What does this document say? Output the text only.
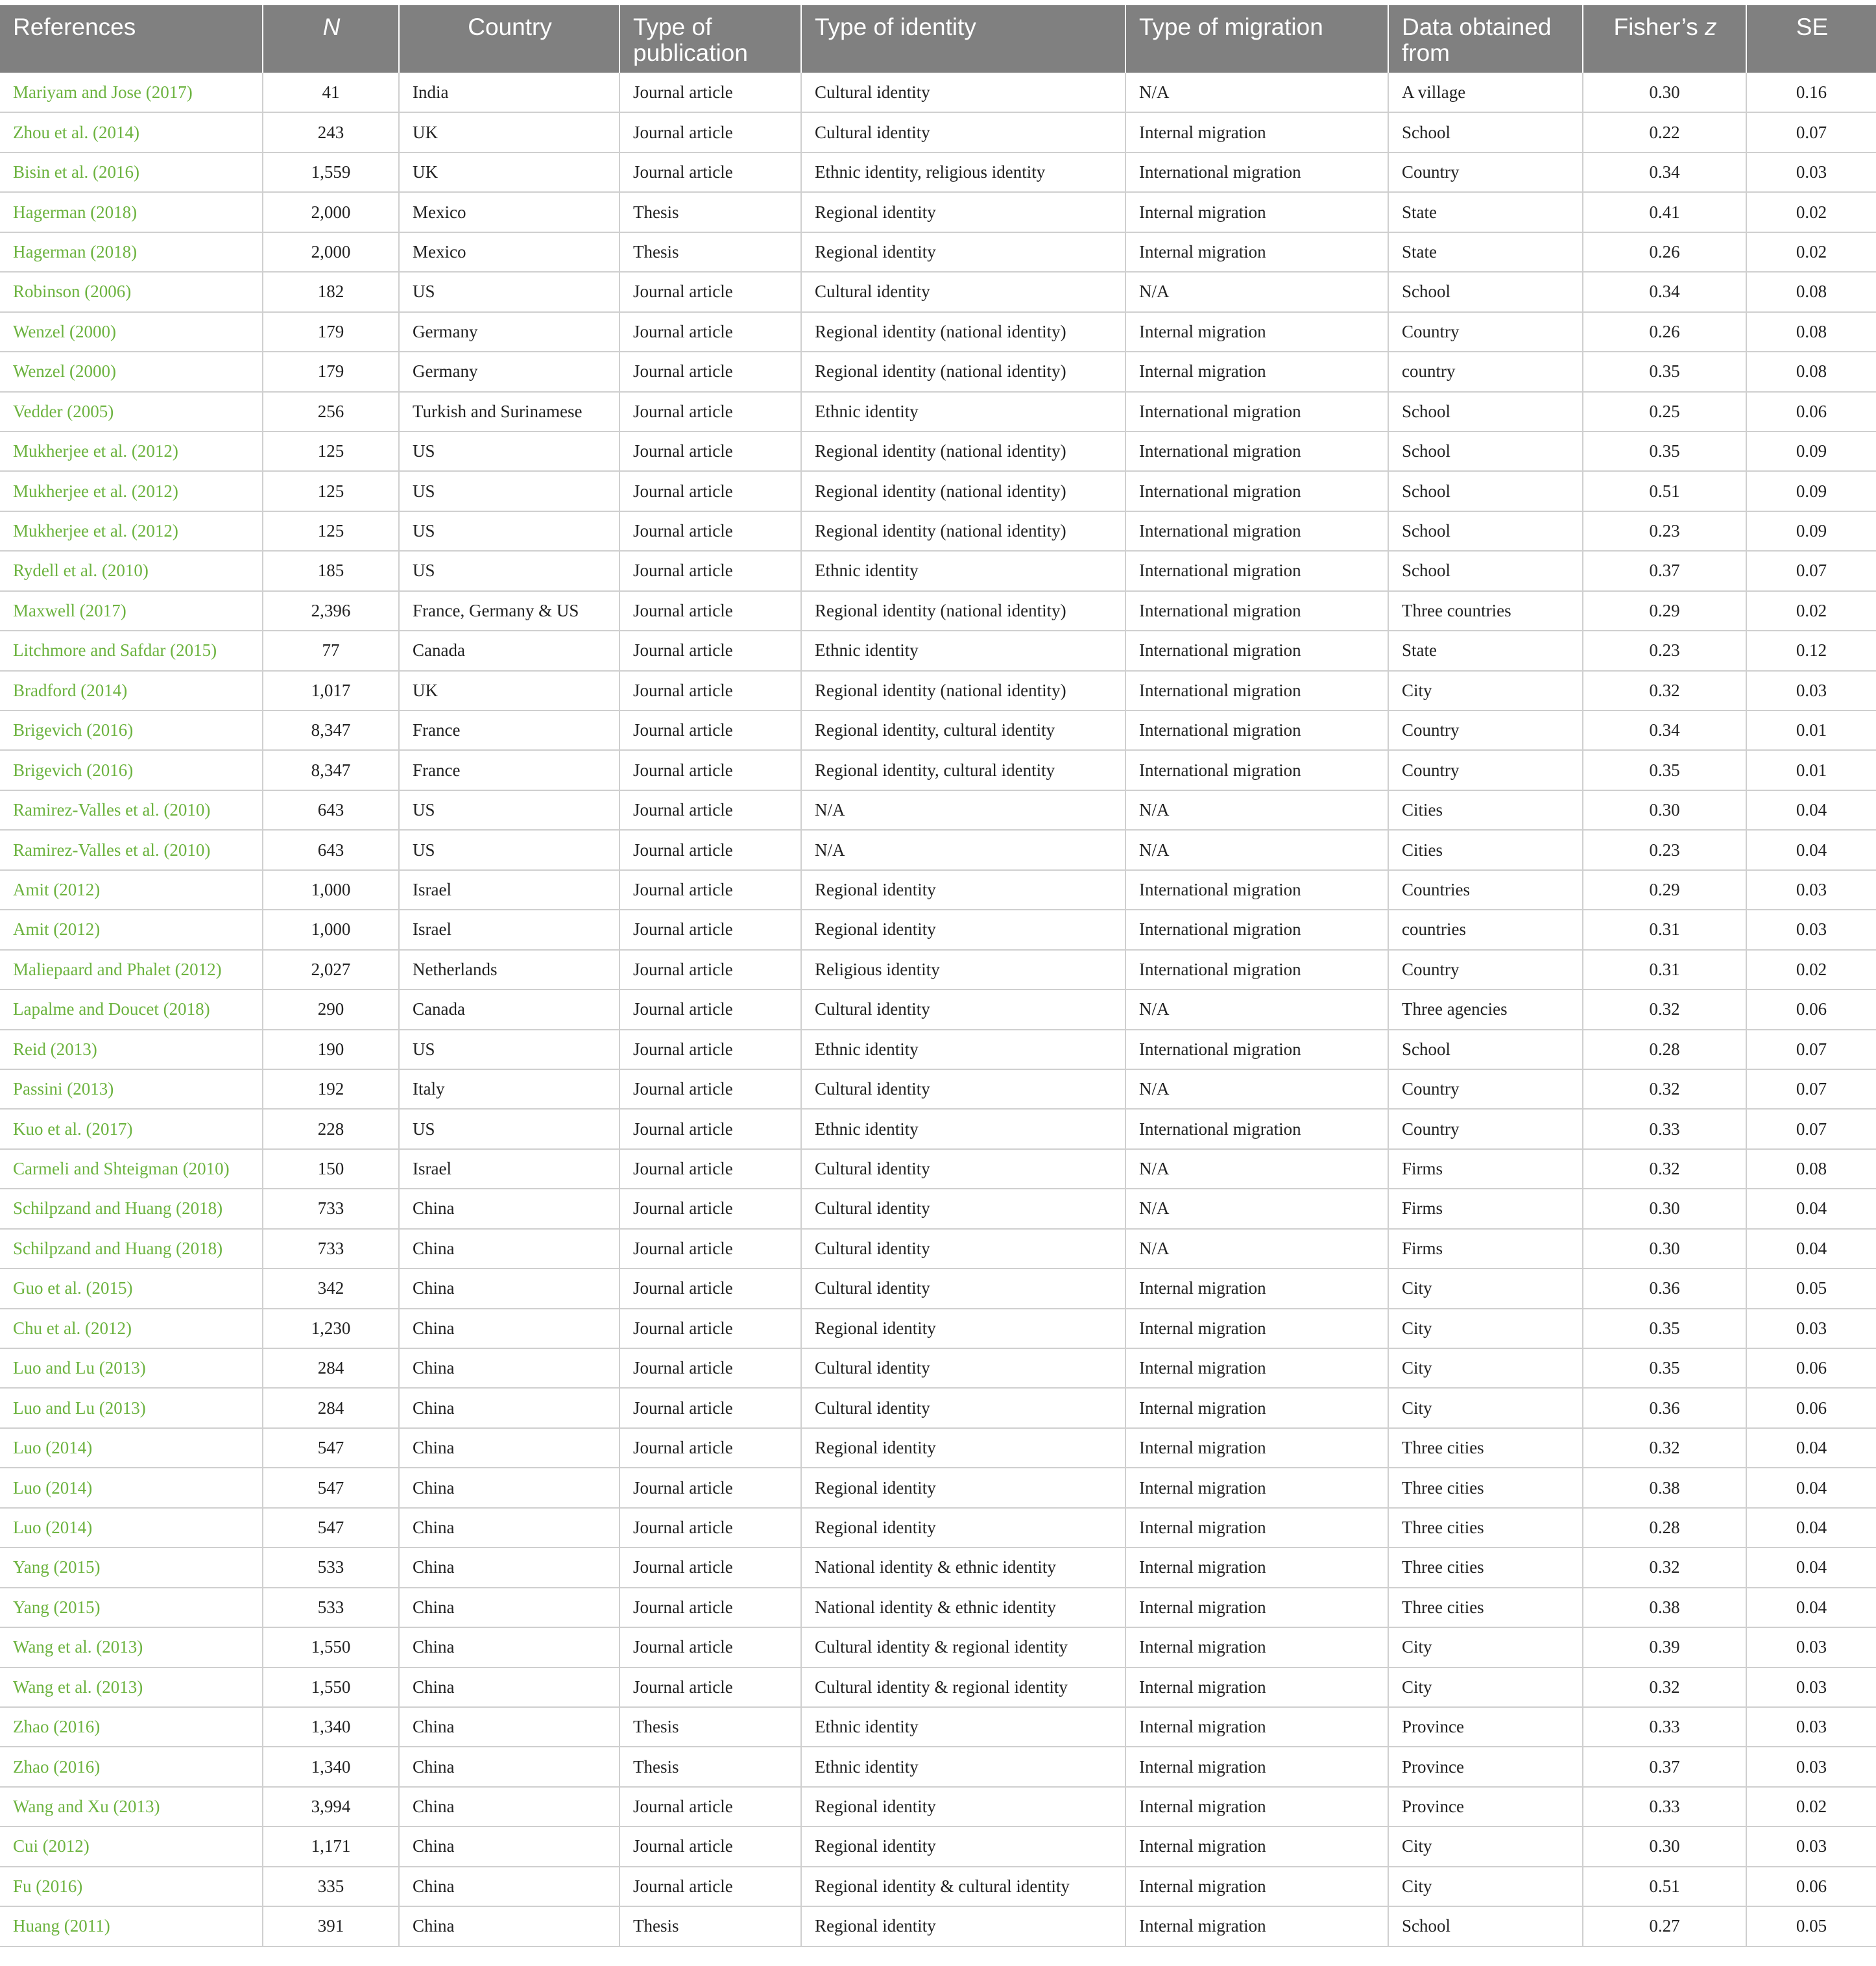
References	N	Country	Type of publication	Type of identity	Type of migration	Data obtained from	Fisher’s z	SE
Mariyam and Jose (2017)	41	India	Journal article	Cultural identity	N/A	A village	0.30	0.16
Zhou et al. (2014)	243	UK	Journal article	Cultural identity	Internal migration	School	0.22	0.07
Bisin et al. (2016)	1,559	UK	Journal article	Ethnic identity, religious identity	International migration	Country	0.34	0.03
Hagerman (2018)	2,000	Mexico	Thesis	Regional identity	Internal migration	State	0.41	0.02
Hagerman (2018)	2,000	Mexico	Thesis	Regional identity	Internal migration	State	0.26	0.02
Robinson (2006)	182	US	Journal article	Cultural identity	N/A	School	0.34	0.08
Wenzel (2000)	179	Germany	Journal article	Regional identity (national identity)	Internal migration	Country	0.26	0.08
Wenzel (2000)	179	Germany	Journal article	Regional identity (national identity)	Internal migration	country	0.35	0.08
Vedder (2005)	256	Turkish and Surinamese	Journal article	Ethnic identity	International migration	School	0.25	0.06
Mukherjee et al. (2012)	125	US	Journal article	Regional identity (national identity)	International migration	School	0.35	0.09
Mukherjee et al. (2012)	125	US	Journal article	Regional identity (national identity)	International migration	School	0.51	0.09
Mukherjee et al. (2012)	125	US	Journal article	Regional identity (national identity)	International migration	School	0.23	0.09
Rydell et al. (2010)	185	US	Journal article	Ethnic identity	International migration	School	0.37	0.07
Maxwell (2017)	2,396	France, Germany & US	Journal article	Regional identity (national identity)	International migration	Three countries	0.29	0.02
Litchmore and Safdar (2015)	77	Canada	Journal article	Ethnic identity	International migration	State	0.23	0.12
Bradford (2014)	1,017	UK	Journal article	Regional identity (national identity)	International migration	City	0.32	0.03
Brigevich (2016)	8,347	France	Journal article	Regional identity, cultural identity	International migration	Country	0.34	0.01
Brigevich (2016)	8,347	France	Journal article	Regional identity, cultural identity	International migration	Country	0.35	0.01
Ramirez-Valles et al. (2010)	643	US	Journal article	N/A	N/A	Cities	0.30	0.04
Ramirez-Valles et al. (2010)	643	US	Journal article	N/A	N/A	Cities	0.23	0.04
Amit (2012)	1,000	Israel	Journal article	Regional identity	International migration	Countries	0.29	0.03
Amit (2012)	1,000	Israel	Journal article	Regional identity	International migration	countries	0.31	0.03
Maliepaard and Phalet (2012)	2,027	Netherlands	Journal article	Religious identity	International migration	Country	0.31	0.02
Lapalme and Doucet (2018)	290	Canada	Journal article	Cultural identity	N/A	Three agencies	0.32	0.06
Reid (2013)	190	US	Journal article	Ethnic identity	International migration	School	0.28	0.07
Passini (2013)	192	Italy	Journal article	Cultural identity	N/A	Country	0.32	0.07
Kuo et al. (2017)	228	US	Journal article	Ethnic identity	International migration	Country	0.33	0.07
Carmeli and Shteigman (2010)	150	Israel	Journal article	Cultural identity	N/A	Firms	0.32	0.08
Schilpzand and Huang (2018)	733	China	Journal article	Cultural identity	N/A	Firms	0.30	0.04
Schilpzand and Huang (2018)	733	China	Journal article	Cultural identity	N/A	Firms	0.30	0.04
Guo et al. (2015)	342	China	Journal article	Cultural identity	Internal migration	City	0.36	0.05
Chu et al. (2012)	1,230	China	Journal article	Regional identity	Internal migration	City	0.35	0.03
Luo and Lu (2013)	284	China	Journal article	Cultural identity	Internal migration	City	0.35	0.06
Luo and Lu (2013)	284	China	Journal article	Cultural identity	Internal migration	City	0.36	0.06
Luo (2014)	547	China	Journal article	Regional identity	Internal migration	Three cities	0.32	0.04
Luo (2014)	547	China	Journal article	Regional identity	Internal migration	Three cities	0.38	0.04
Luo (2014)	547	China	Journal article	Regional identity	Internal migration	Three cities	0.28	0.04
Yang (2015)	533	China	Journal article	National identity & ethnic identity	Internal migration	Three cities	0.32	0.04
Yang (2015)	533	China	Journal article	National identity & ethnic identity	Internal migration	Three cities	0.38	0.04
Wang et al. (2013)	1,550	China	Journal article	Cultural identity & regional identity	Internal migration	City	0.39	0.03
Wang et al. (2013)	1,550	China	Journal article	Cultural identity & regional identity	Internal migration	City	0.32	0.03
Zhao (2016)	1,340	China	Thesis	Ethnic identity	Internal migration	Province	0.33	0.03
Zhao (2016)	1,340	China	Thesis	Ethnic identity	Internal migration	Province	0.37	0.03
Wang and Xu (2013)	3,994	China	Journal article	Regional identity	Internal migration	Province	0.33	0.02
Cui (2012)	1,171	China	Journal article	Regional identity	Internal migration	City	0.30	0.03
Fu (2016)	335	China	Journal article	Regional identity & cultural identity	Internal migration	City	0.51	0.06
Huang (2011)	391	China	Thesis	Regional identity	Internal migration	School	0.27	0.05
